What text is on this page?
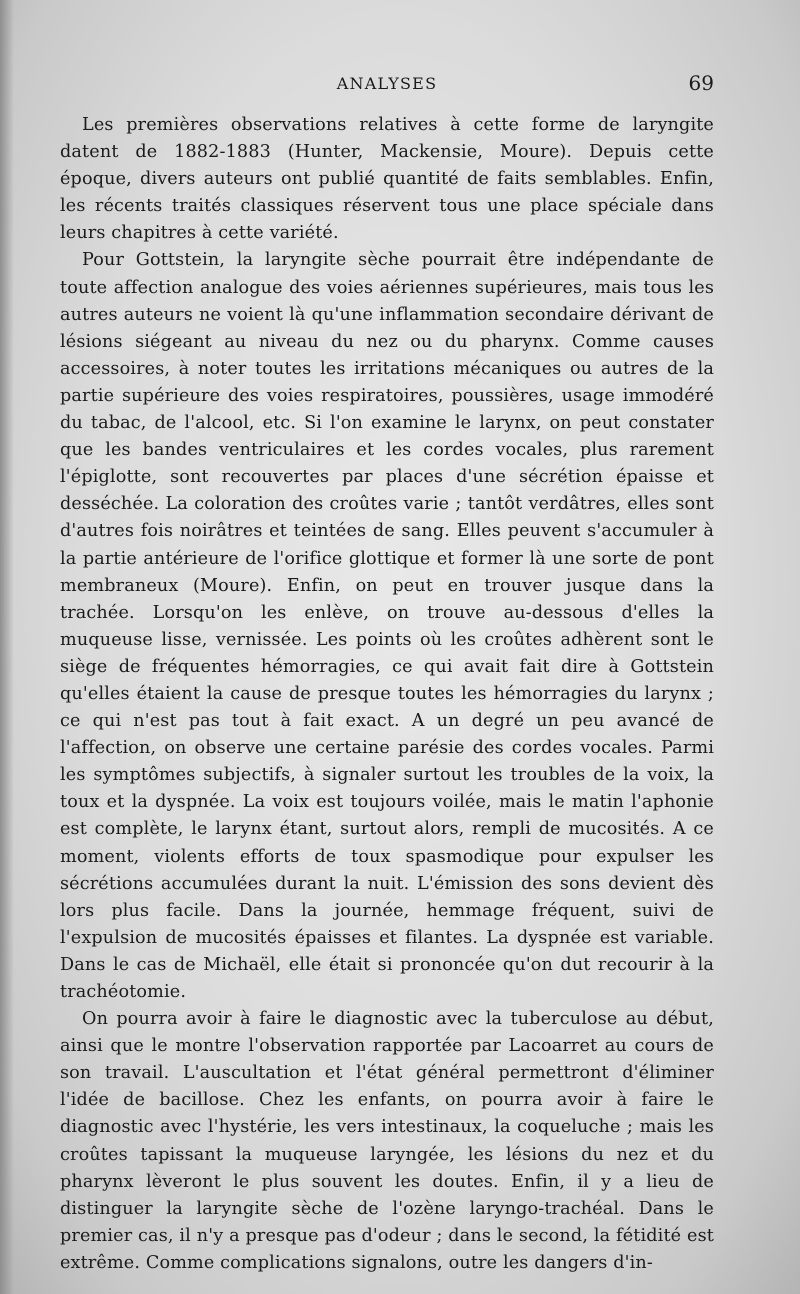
ANALYSES	69

Les premières observations relatives à cette forme de laryngite datent de 1882-1883 (Hunter, Mackensie, Moure). Depuis cette époque, divers auteurs ont publié quantité de faits semblables. Enfin, les récents traités classiques réservent tous une place spéciale dans leurs chapitres à cette variété.

Pour Gottstein, la laryngite sèche pourrait être indépendante de toute affection analogue des voies aériennes supérieures, mais tous les autres auteurs ne voient là qu'une inflammation secondaire dérivant de lésions siégeant au niveau du nez ou du pharynx. Comme causes accessoires, à noter toutes les irritations mécaniques ou autres de la partie supérieure des voies respiratoires, poussières, usage immodéré du tabac, de l'alcool, etc. Si l'on examine le larynx, on peut constater que les bandes ventriculaires et les cordes vocales, plus rarement l'épiglotte, sont recouvertes par places d'une sécrétion épaisse et desséchée. La coloration des croûtes varie ; tantôt verdâtres, elles sont d'autres fois noirâtres et teintées de sang. Elles peuvent s'accumuler à la partie antérieure de l'orifice glottique et former là une sorte de pont membraneux (Moure). Enfin, on peut en trouver jusque dans la trachée. Lorsqu'on les enlève, on trouve au-dessous d'elles la muqueuse lisse, vernissée. Les points où les croûtes adhèrent sont le siège de fréquentes hémorragies, ce qui avait fait dire à Gottstein qu'elles étaient la cause de presque toutes les hémorragies du larynx ; ce qui n'est pas tout à fait exact. A un degré un peu avancé de l'affection, on observe une certaine parésie des cordes vocales. Parmi les symptômes subjectifs, à signaler surtout les troubles de la voix, la toux et la dyspnée. La voix est toujours voilée, mais le matin l'aphonie est complète, le larynx étant, surtout alors, rempli de mucosités. A ce moment, violents efforts de toux spasmodique pour expulser les sécrétions accumulées durant la nuit. L'émission des sons devient dès lors plus facile. Dans la journée, hemmage fréquent, suivi de l'expulsion de mucosités épaisses et filantes. La dyspnée est variable. Dans le cas de Michaël, elle était si prononcée qu'on dut recourir à la trachéotomie.

On pourra avoir à faire le diagnostic avec la tuberculose au début, ainsi que le montre l'observation rapportée par Lacoarret au cours de son travail. L'auscultation et l'état général permettront d'éliminer l'idée de bacillose. Chez les enfants, on pourra avoir à faire le diagnostic avec l'hystérie, les vers intestinaux, la coqueluche ; mais les croûtes tapissant la muqueuse laryngée, les lésions du nez et du pharynx lèveront le plus souvent les doutes. Enfin, il y a lieu de distinguer la laryngite sèche de l'ozène laryngo-trachéal. Dans le premier cas, il n'y a presque pas d'odeur ; dans le second, la fétidité est extrême. Comme complications signalons, outre les dangers d'in-
